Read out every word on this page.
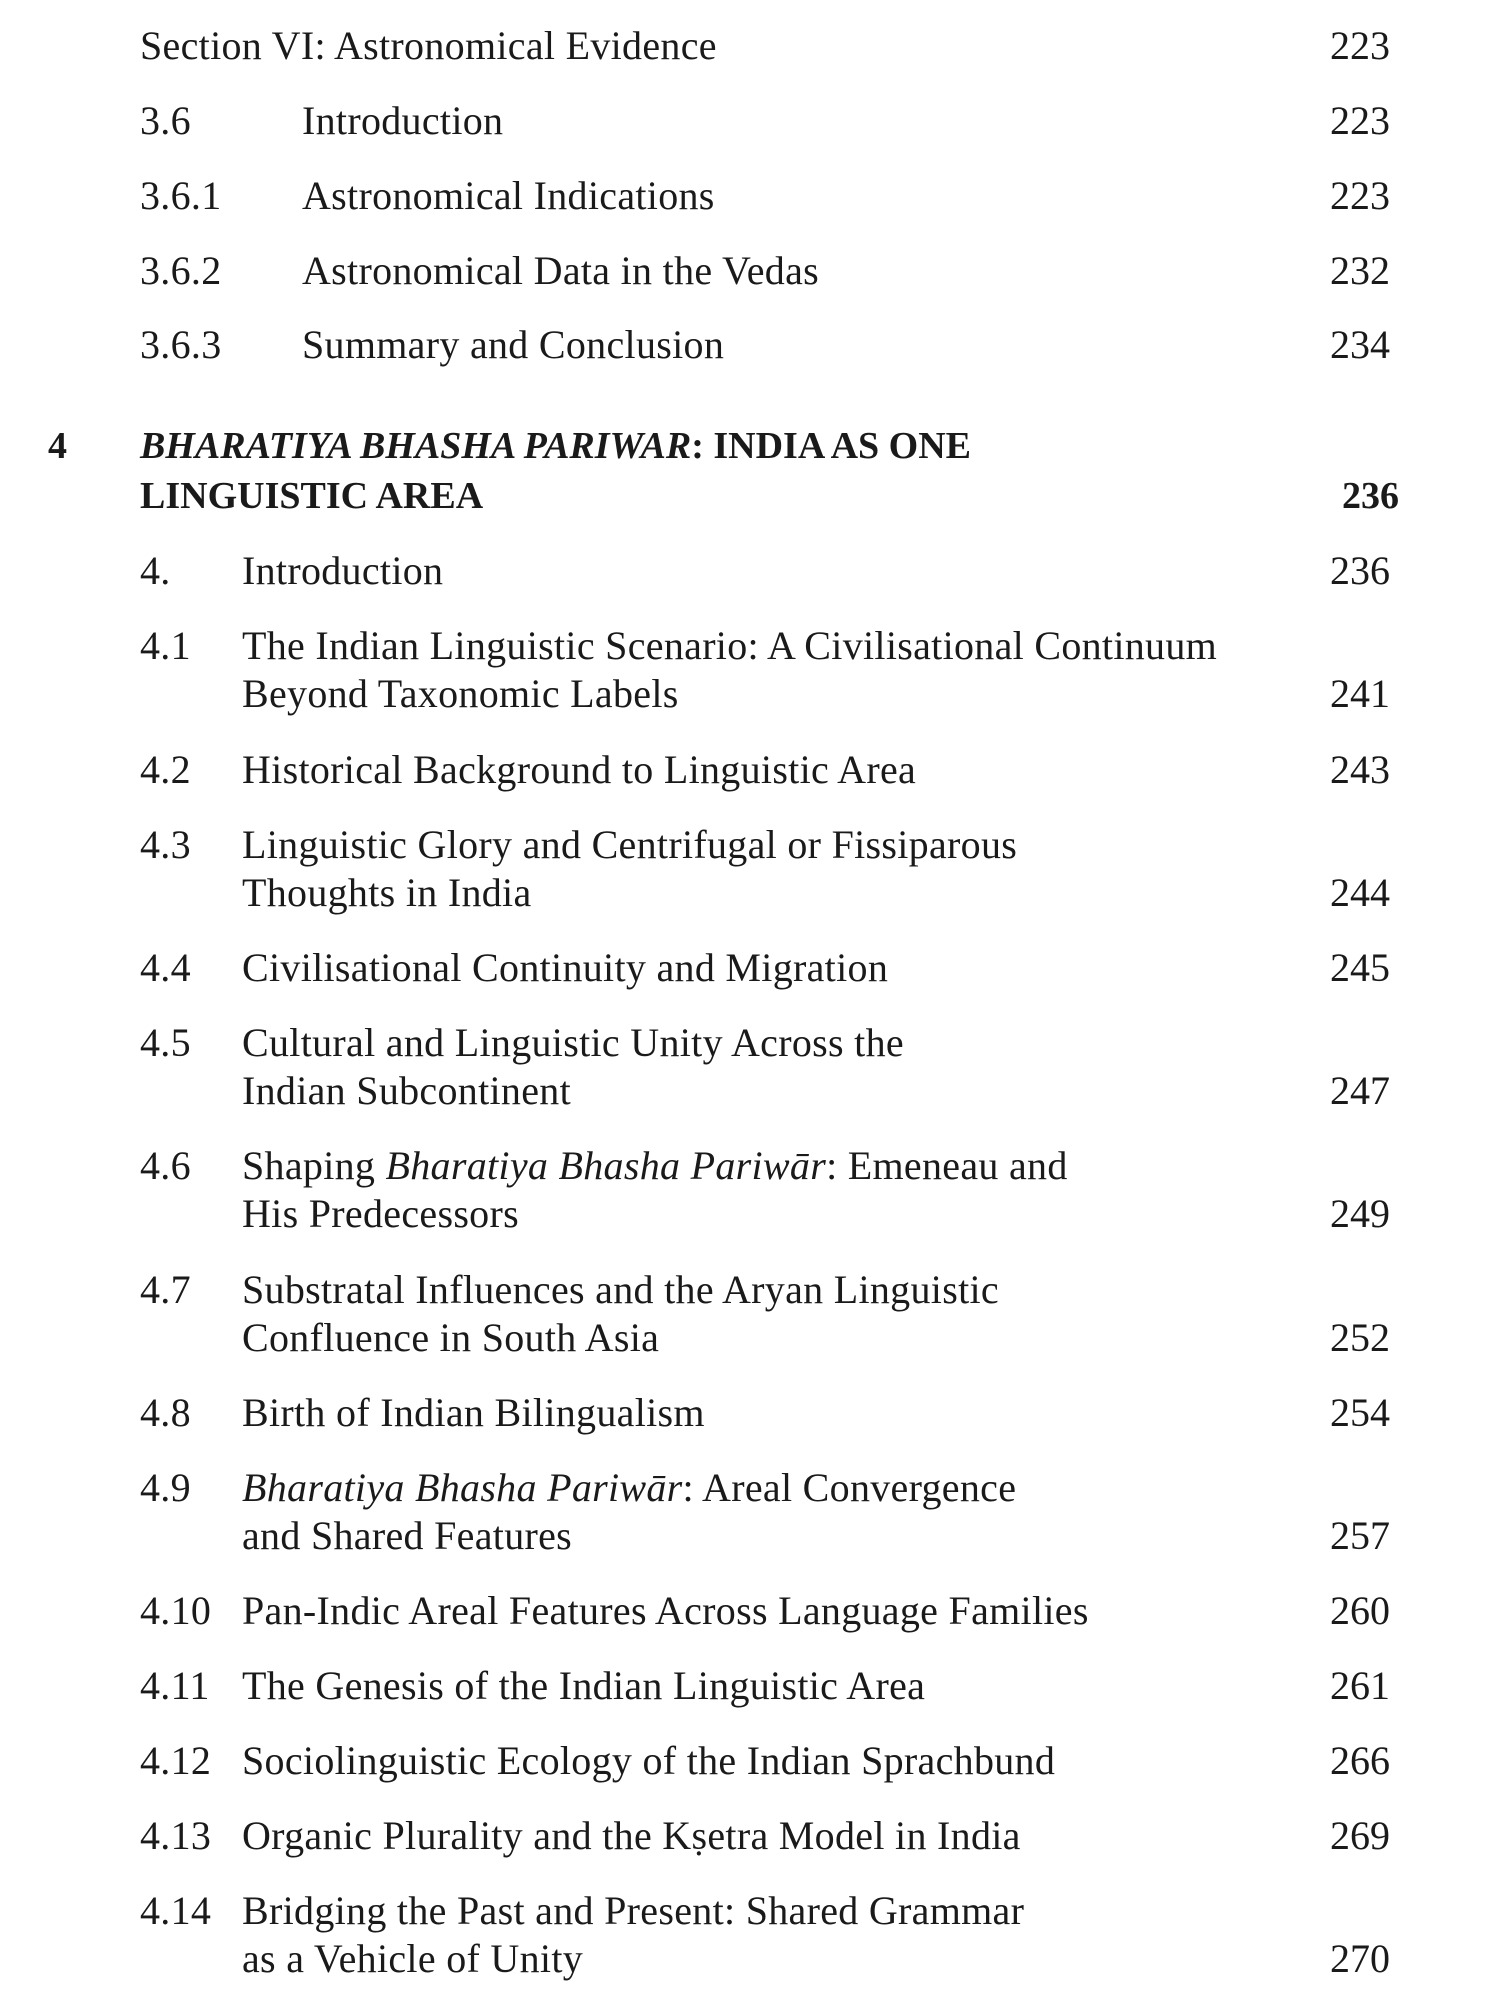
Section VI: Astronomical Evidence	223
3.6	Introduction	223
3.6.1 Astronomical Indications	223
3.6.2 Astronomical Data in the Vedas	232
3.6.3 Summary and Conclusion	234
4 BHARATIYA BHASHA PARIWAR: INDIA AS ONE
LINGUISTIC AREA	236
4. Introduction	236
4.1 The Indian Linguistic Scenario: A Civilisational Continuum
Beyond Taxonomic Labels	241
4.2 Historical Background to Linguistic Area	243
4.3 Linguistic Glory and Centrifugal or Fissiparous
Thoughts in India	244
4.4 Civilisational Continuity and Migration	245
4.5 Cultural and Linguistic Unity Across the
Indian Subcontinent	247
4.6 Shaping Bharatiya Bhasha Pariwār: Emeneau and
His Predecessors	249
4.7 Substratal Influences and the Aryan Linguistic
Confluence in South Asia	252
4.8 Birth of Indian Bilingualism	254
4.9 Bharatiya Bhasha Pariwār: Areal Convergence
and Shared Features	257
4.10 Pan-Indic Areal Features Across Language Families	260
4.11 The Genesis of the Indian Linguistic Area	261
4.12 Sociolinguistic Ecology of the Indian Sprachbund	266
4.13 Organic Plurality and the Kṣetra Model in India	269
4.14 Bridging the Past and Present: Shared Grammar
as a Vehicle of Unity	270
